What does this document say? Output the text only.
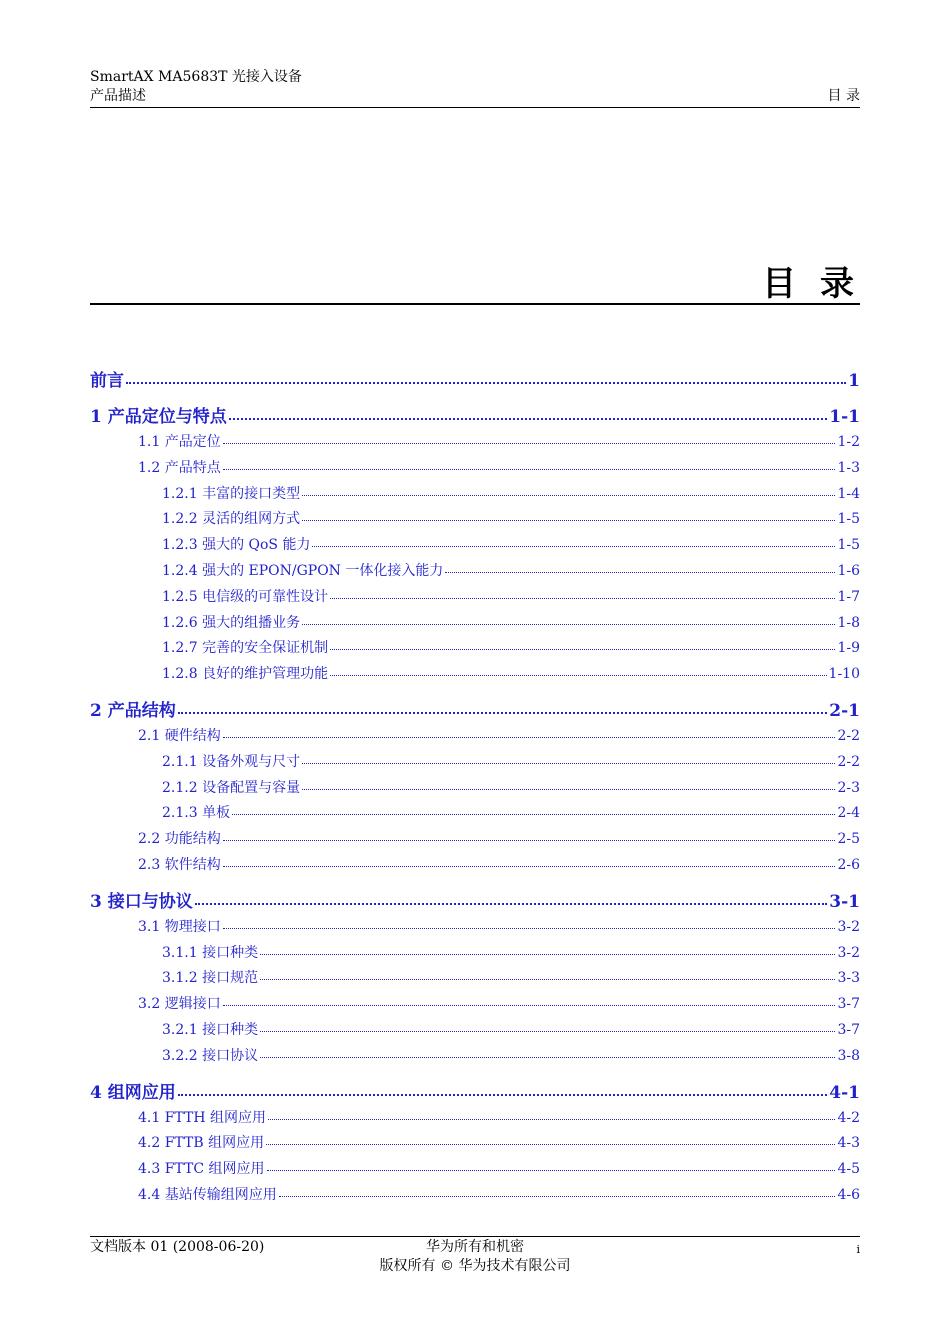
SmartAX MA5683T 光接入设备
产品描述	目 录
目 录
前言	1
1 产品定位与特点	1-1
1.1 产品定位	1-2
1.2 产品特点	1-3
1.2.1 丰富的接口类型	1-4
1.2.2 灵活的组网方式	1-5
1.2.3 强大的 QoS 能力	1-5
1.2.4 强大的 EPON/GPON 一体化接入能力	1-6
1.2.5 电信级的可靠性设计	1-7
1.2.6 强大的组播业务	1-8
1.2.7 完善的安全保证机制	1-9
1.2.8 良好的维护管理功能	1-10
2 产品结构	2-1
2.1 硬件结构	2-2
2.1.1 设备外观与尺寸	2-2
2.1.2 设备配置与容量	2-3
2.1.3 单板	2-4
2.2 功能结构	2-5
2.3 软件结构	2-6
3 接口与协议	3-1
3.1 物理接口	3-2
3.1.1 接口种类	3-2
3.1.2 接口规范	3-3
3.2 逻辑接口	3-7
3.2.1 接口种类	3-7
3.2.2 接口协议	3-8
4 组网应用	4-1
4.1 FTTH 组网应用	4-2
4.2 FTTB 组网应用	4-3
4.3 FTTC 组网应用	4-5
4.4 基站传输组网应用	4-6
文档版本 01 (2008-06-20)	华为所有和机密
版权所有 © 华为技术有限公司
i
